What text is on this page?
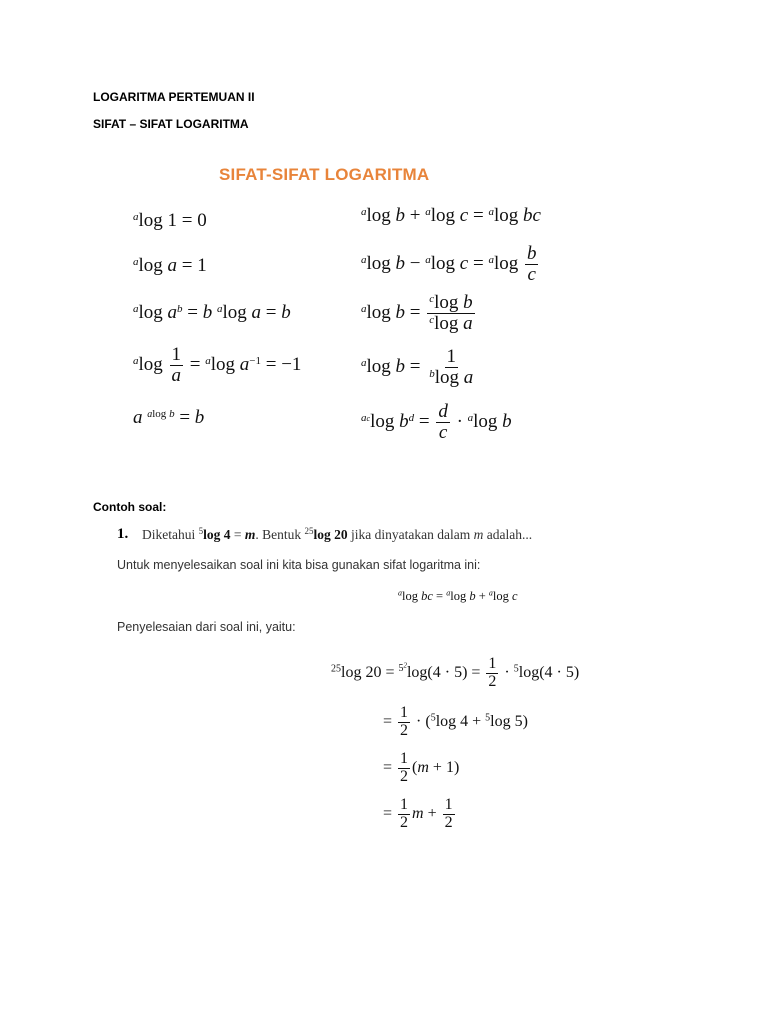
LOGARITMA PERTEMUAN II
SIFAT – SIFAT LOGARITMA
SIFAT-SIFAT LOGARITMA
$^a$log 1 = 0
$^a$log a = 1
$^a$log $a^b = b$ $^a$log a = b
$^a\log \frac{1}{a} = ^a\log$ $a^{-1} = -1$
a $^{alog b}$ = b
$^a$log b + $^a$log c = $^a$log bc
$^a$log b − $^a$log $c = ^a\log \frac{b}{c}$
$^a$log $b = \frac{^c\log b}{^c\log a}$
$^a$log $b = \frac{1}{^b\log a}$
$^{ac}$log $b^d = \frac{d}{c} \cdot ^a\log$ b
Contoh soal:
1. Diketahui $^5$log 4 = m. Bentuk $^{25}$log 20 jika dinyatakan dalam m adalah...
Untuk menyelesaikan soal ini kita bisa gunakan sifat logaritma ini:
$^a$log bc = $^a$log b + $^a$log c
Penyelesaian dari soal ini, yaitu:
$^{25}$log $20 = ^{5^2}\log(4 \cdot 5) = \frac{1}{2} \cdot ^5\log(4 \cdot 5)$
= $\frac{1}{2} \cdot (^5\log$ 4 + $^5$log 5)
= $\frac{1}{2} (m + 1)$
= $\frac{1}{2}$ $m + \frac{1}{2}$
